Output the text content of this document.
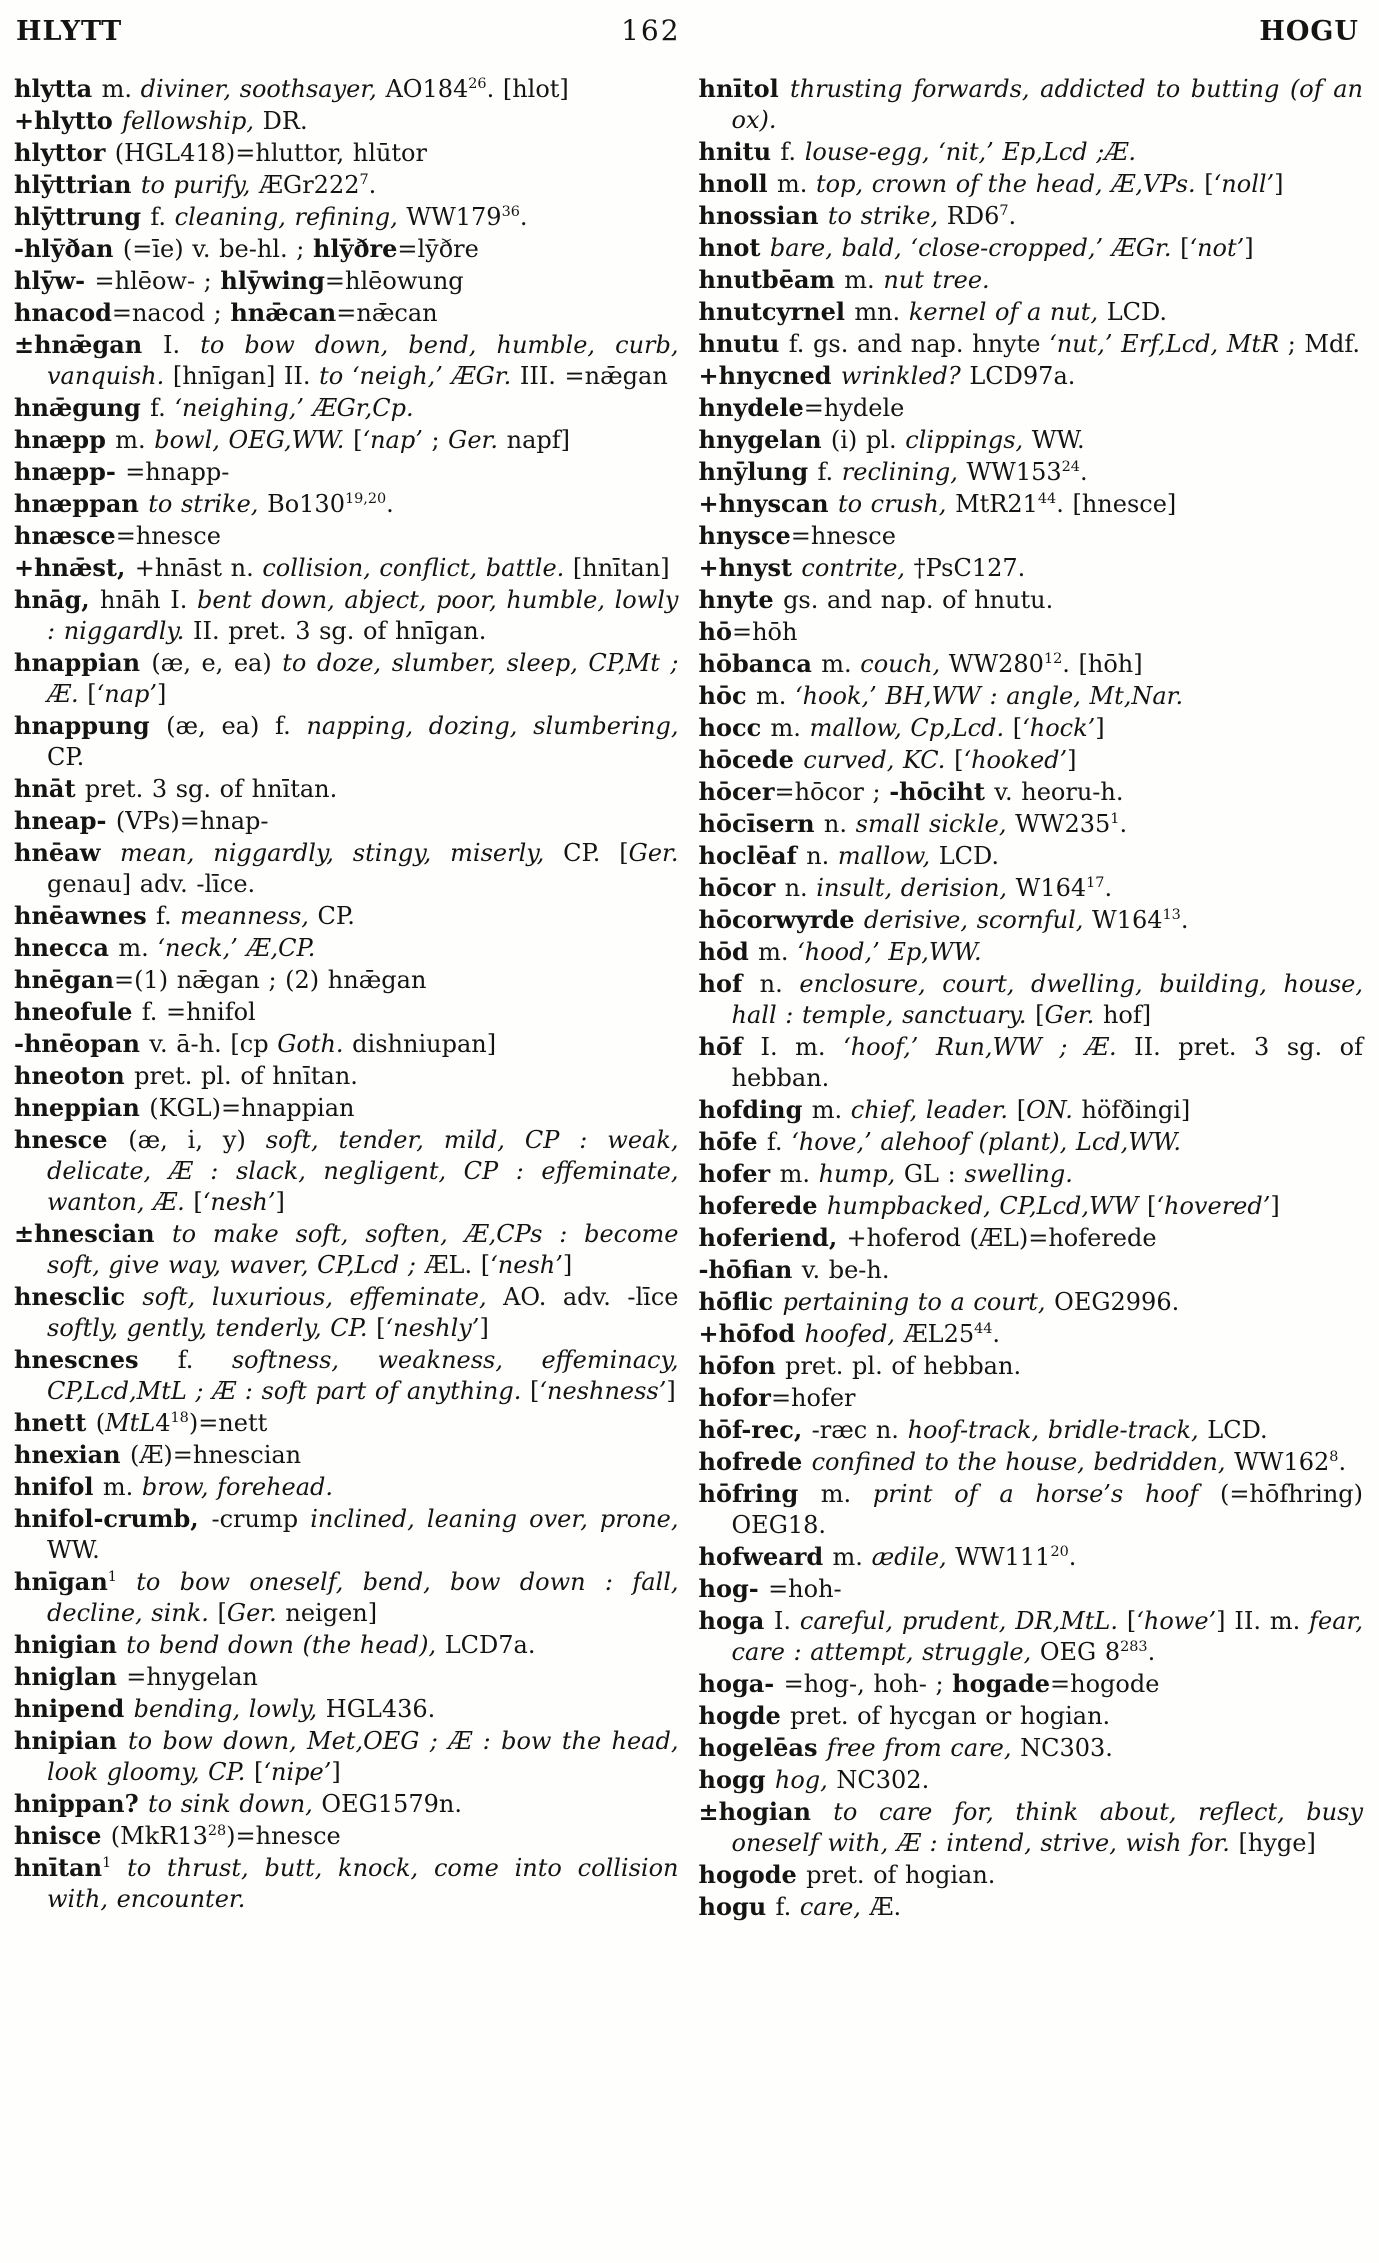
HLYTT	162	HOGU

hlytta m. diviner, soothsayer, $AO184^{26}$. [hlot]

+hlytto fellowship, DR.

hlyttor (HGL418)=hluttor, hlūtor

hlȳttrian to purify, $ÆGr222^7$.

hlȳttrung f. cleaning, refining, $WW179^{36}$.

-hlȳðan (=īe) v. be-hl. ; hlȳðre=lȳðre

hlȳw- =hlēow- ; hlȳwing=hlēowung

hnacod=nacod ; hnǣcan=nǣcan

±hnǣgan I. to bow down, bend, humble, curb, vanquish. [hnīgan] II. to ‘neigh,’ ÆGr. III. =nǣgan

hnǣgung f. ‘neighing,’ ÆGr,Cp.

hnæpp m. bowl, OEG,WW. [‘nap’ ; Ger. napf]

hnæpp- =hnapp-

hnæppan to strike, Bo130$^{19,20}$.

hnæsce=hnesce

+hnǣst, +hnāst n. collision, conflict, battle. [hnītan]

hnāg, hnāh I. bent down, abject, poor, humble, lowly : niggardly. II. pret. 3 sg. of hnīgan.

hnappian (æ, e, ea) to doze, slumber, sleep, CP,Mt ; Æ. [‘nap’]

hnappung (æ, ea) f. napping, dozing, slumbering, CP.

hnāt pret. 3 sg. of hnītan.

hneap- (VPs)=hnap-

hnēaw mean, niggardly, stingy, miserly, CP. [Ger. genau] adv. -līce.

hnēawnes f. meanness, CP.

hnecca m. ‘neck,’ Æ,CP.

hnēgan=(1) nǣgan ; (2) hnǣgan

hneofule f. =hnifol

-hnēopan v. ā-h. [cp Goth. dishniupan]

hneoton pret. pl. of hnītan.

hneppian (KGL)=hnappian

hnesce (æ, i, y) soft, tender, mild, CP : weak, delicate, Æ : slack, negligent, CP : effeminate, wanton, Æ. [‘nesh’]

±hnescian to make soft, soften, Æ,CPs : become soft, give way, waver, CP,Lcd ; ÆL. [‘nesh’]

hnesclic soft, luxurious, effeminate, AO. adv. -līce softly, gently, tenderly, CP. [‘neshly’]

hnescnes f. softness, weakness, effeminacy, CP,Lcd,MtL ; Æ : soft part of anything. [‘neshness’]

hnett $(MtL4^{18})=nett$

hnexian (Æ)=hnescian

hnifol m. brow, forehead.

hnifol-crumb, -crump inclined, leaning over, prone, WW.

hnīgan$^1$ to bow oneself, bend, bow down : fall, decline, sink. [Ger. neigen]

hnigian to bend down (the head), LCD7a.

hniglan =hnygelan

hnipend bending, lowly, HGL436.

hnipian to bow down, Met,OEG ; Æ : bow the head, look gloomy, CP. [‘nipe’]

hnippan? to sink down, OEG1579n.

hnisce $(MkR13^{28})=hnesce$

hnītan$^1$ to thrust, butt, knock, come into collision with, encounter.

hnītol thrusting forwards, addicted to butting (of an ox).

hnitu f. louse-egg, ‘nit,’ Ep,Lcd ;Æ.

hnoll m. top, crown of the head, Æ,VPs. [‘noll’]

hnossian to strike, $RD6^7$.

hnot bare, bald, ‘close-cropped,’ ÆGr. [‘not’]

hnutbēam m. nut tree.

hnutcyrnel mn. kernel of a nut, LCD.

hnutu f. gs. and nap. hnyte ‘nut,’ Erf,Lcd, MtR ; Mdf.

+hnycned wrinkled? LCD97a.

hnydele=hydele

hnygelan (i) pl. clippings, WW.

hnȳlung f. reclining, $WW153^{24}$.

+hnyscan to crush, $MtR21^{44}$. [hnesce]

hnysce=hnesce

+hnyst contrite, †PsC127.

hnyte gs. and nap. of hnutu.

hō=hōh

hōbanca m. couch, $WW280^{12}$. [hōh]

hōc m. ‘hook,’ BH,WW : angle, Mt,Nar.

hocc m. mallow, Cp,Lcd. [‘hock’]

hōcede curved, KC. [‘hooked’]

hōcer=hōcor ; -hōciht v. heoru-h.

hōcīsern n. small sickle, $WW235^1$.

hoclēaf n. mallow, LCD.

hōcor n. insult, derision, $W164^{17}$.

hōcorwyrde derisive, scornful, $W164^{13}$.

hōd m. ‘hood,’ Ep,WW.

hof n. enclosure, court, dwelling, building, house, hall : temple, sanctuary. [Ger. hof]

hōf I. m. ‘hoof,’ Run,WW ; Æ. II. pret. 3 sg. of hebban.

hofding m. chief, leader. [ON. höfðingi]

hōfe f. ‘hove,’ alehoof (plant), Lcd,WW.

hofer m. hump, GL : swelling.

hoferede humpbacked, CP,Lcd,WW [‘hovered’]

hoferiend, +hoferod (ÆL)=hoferede

-hōfian v. be-h.

hōflic pertaining to a court, OEG2996.

+hōfod hoofed, $ÆL25^{44}$.

hōfon pret. pl. of hebban.

hofor=hofer

hōf-rec, -ræc n. hoof-track, bridle-track, LCD.

hofrede confined to the house, bedridden, $WW162^8$.

hōfring m. print of a horse’s hoof (=hōfhring) OEG18.

hofweard m. ædile, $WW111^{20}$.

hog- =hoh-

hoga I. careful, prudent, DR,MtL. [‘howe’] II. m. fear, care : attempt, struggle, OEG $8^{283}$.

hoga- =hog-, hoh- ; hogade=hogode

hogde pret. of hycgan or hogian.

hogelēas free from care, NC303.

hogg hog, NC302.

±hogian to care for, think about, reflect, busy oneself with, Æ : intend, strive, wish for. [hyge]

hogode pret. of hogian.

hogu f. care, Æ.
